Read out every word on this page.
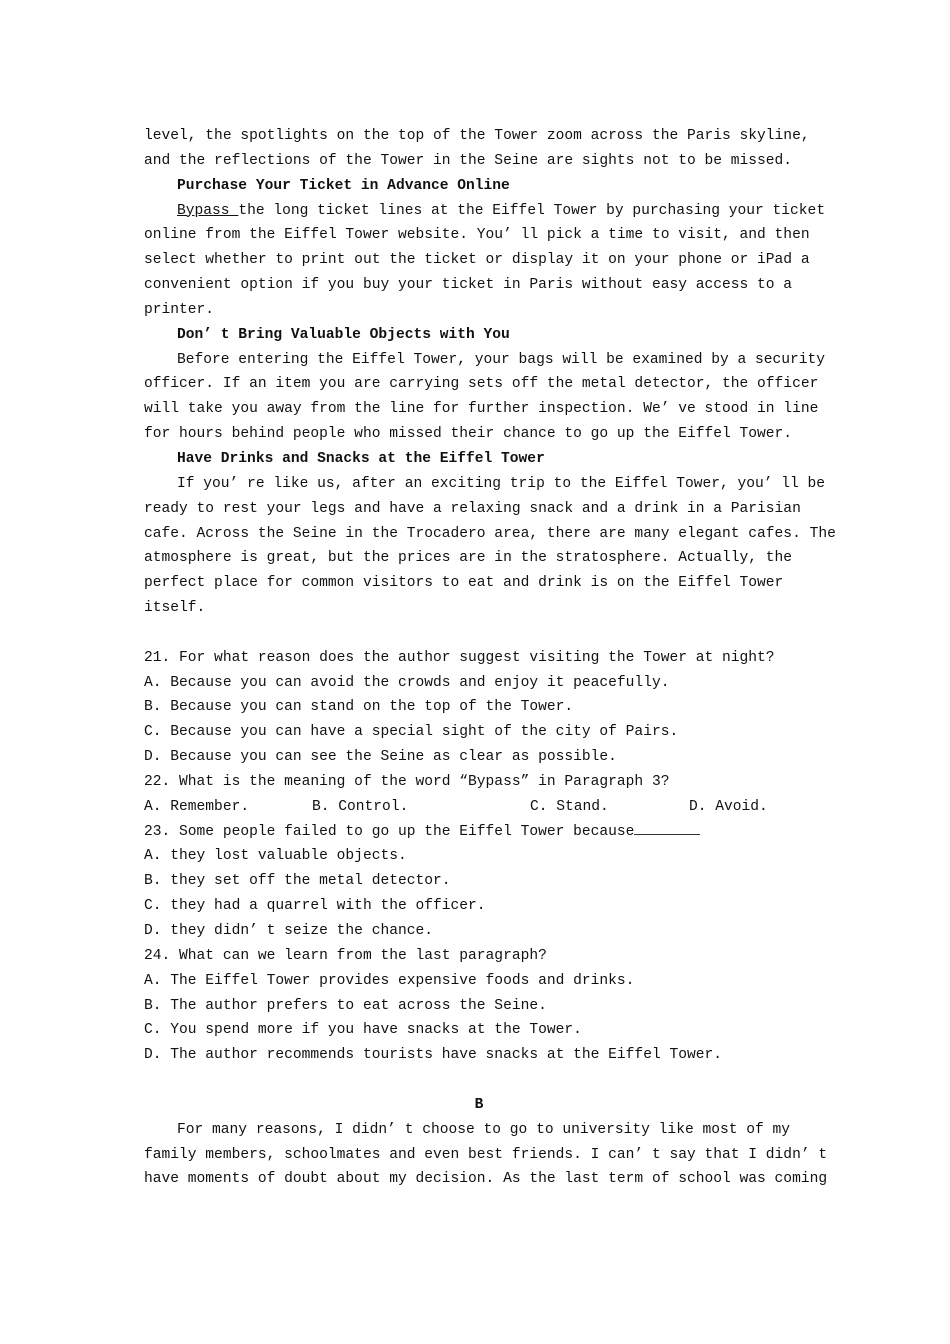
level, the spotlights on the top of the Tower zoom across the Paris skyline,
and the reflections of the Tower in the Seine are sights not to be missed.
Purchase Your Ticket in Advance Online
Bypass the long ticket lines at the Eiffel Tower by purchasing your ticket
online from the Eiffel Tower website. You’ ll pick a time to visit, and then
select whether to print out the ticket or display it on your phone or iPad a
convenient option if you buy your ticket in Paris without easy access to a
printer.
Don’ t Bring Valuable Objects with You
Before entering the Eiffel Tower, your bags will be examined by a security
officer. If an item you are carrying sets off the metal detector, the officer
will take you away from the line for further inspection. We’ ve stood in line
for hours behind people who missed their chance to go up the Eiffel Tower.
Have Drinks and Snacks at the Eiffel Tower
If you’ re like us, after an exciting trip to the Eiffel Tower, you’ ll be
ready to rest your legs and have a relaxing snack and a drink in a Parisian
cafe. Across the Seine in the Trocadero area, there are many elegant cafes. The
atmosphere is great, but the prices are in the stratosphere. Actually, the
perfect place for common visitors to eat and drink is on the Eiffel Tower
itself.
21. For what reason does the author suggest visiting the Tower at night?
A. Because you can avoid the crowds and enjoy it peacefully.
B. Because you can stand on the top of the Tower.
C. Because you can have a special sight of the city of Pairs.
D. Because you can see the Seine as clear as possible.
22. What is the meaning of the word “Bypass” in Paragraph 3?
A. Remember.	B. Control.	C. Stand.	D. Avoid.
23. Some people failed to go up the Eiffel Tower because
A. they lost valuable objects.
B. they set off the metal detector.
C. they had a quarrel with the officer.
D. they didn’ t seize the chance.
24. What can we learn from the last paragraph?
A. The Eiffel Tower provides expensive foods and drinks.
B. The author prefers to eat across the Seine.
C. You spend more if you have snacks at the Tower.
D. The author recommends tourists have snacks at the Eiffel Tower.
B
For many reasons, I didn’ t choose to go to university like most of my
family members, schoolmates and even best friends. I can’ t say that I didn’ t
have moments of doubt about my decision. As the last term of school was coming
